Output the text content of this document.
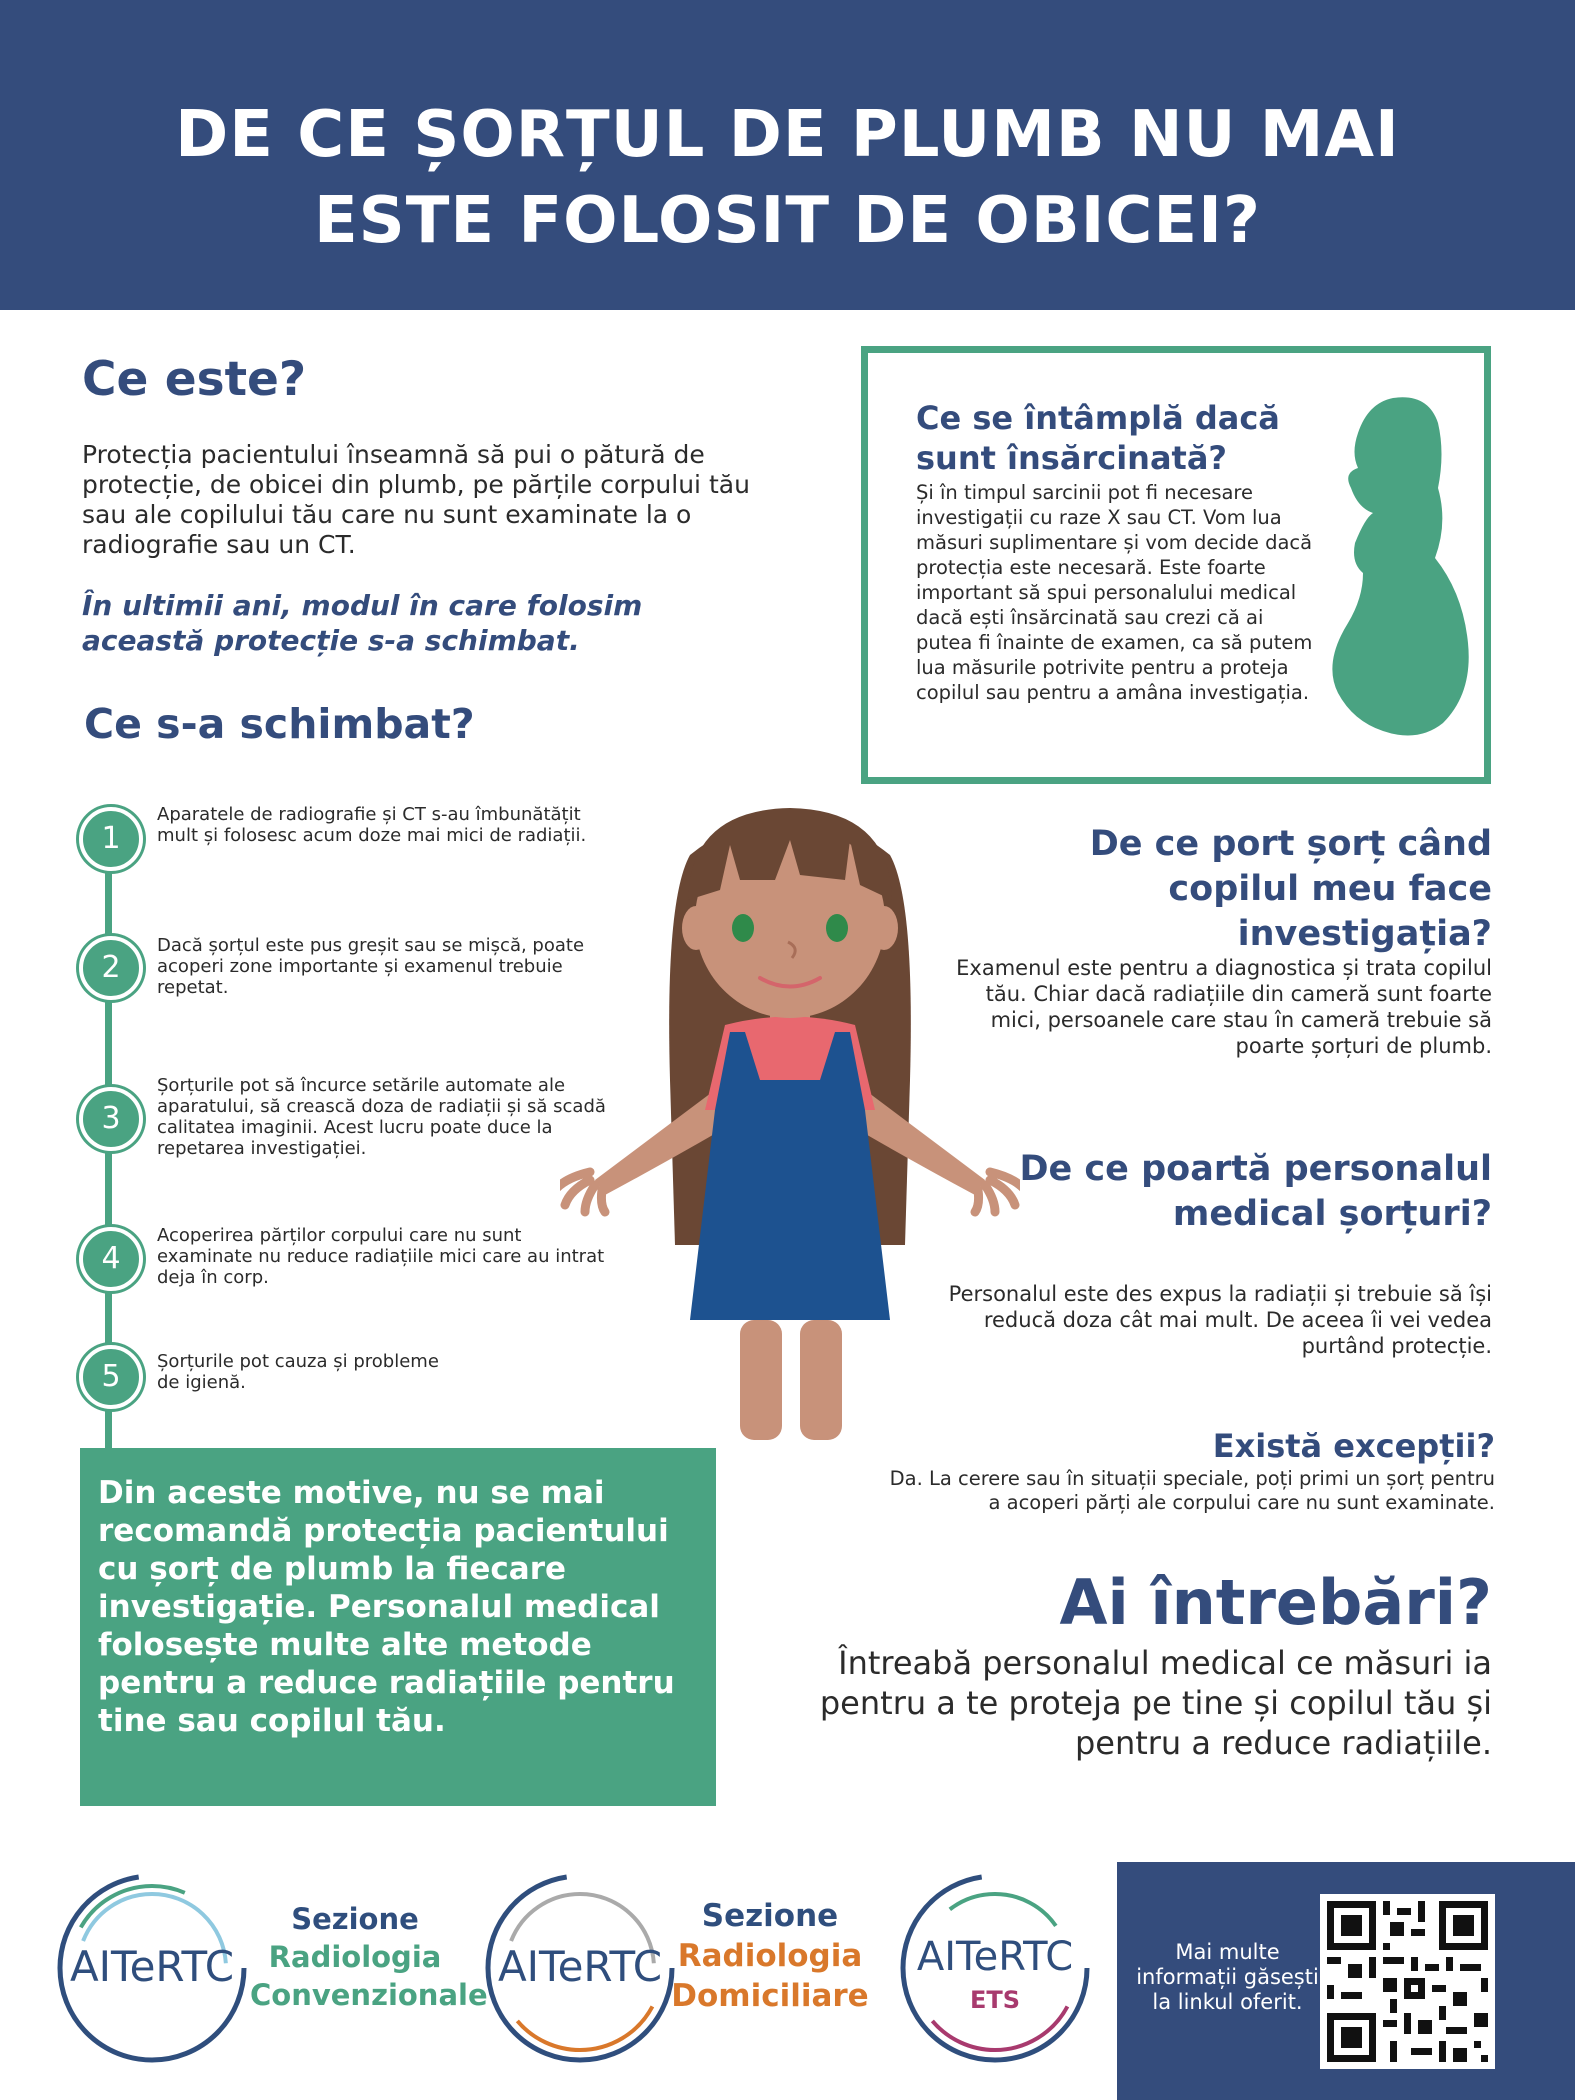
DE CE ȘORȚUL DE PLUMB NU MAI
ESTE FOLOSIT DE OBICEI?
Ce este?

Protecția pacientului înseamnă să pui o pătură de protecție, de obicei din plumb, pe părțile corpului tău sau ale copilului tău care nu sunt examinate la o radiografie sau un CT.

În ultimii ani, modul în care folosim această protecție s-a schimbat.

Ce s-a schimbat?
1

Aparatele de radiografie și CT s-au îmbunătățit mult și folosesc acum doze mai mici de radiații.

2

Dacă șorțul este pus greșit sau se mișcă, poate acoperi zone importante și examenul trebuie repetat.

3

Șorțurile pot să încurce setările automate ale aparatului, să crească doza de radiații și să scadă calitatea imaginii. Acest lucru poate duce la repetarea investigației.

4

Acoperirea părților corpului care nu sunt examinate nu reduce radiațiile mici care au intrat deja în corp.

5	Șorțurile pot cauza și probleme de igienă.

Din aceste motive, nu se mai recomandă protecția pacientului cu șorț de plumb la fiecare investigație. Personalul medical folosește multe alte metode pentru a reduce radiațiile pentru tine sau copilul tău.

Ce se întâmplă dacă sunt însărcinată?

Și în timpul sarcinii pot fi necesare investigații cu raze X sau CT. Vom lua măsuri suplimentare și vom decide dacă protecția este necesară. Este foarte important să spui personalului medical dacă ești însărcinată sau crezi că ai putea fi înainte de examen, ca să putem lua măsurile potrivite pentru a proteja copilul sau pentru a amâna investigația.

De ce port șorț când copilul meu face investigația?

Examenul este pentru a diagnostica și trata copilul tău. Chiar dacă radiațiile din cameră sunt foarte mici, persoanele care stau în cameră trebuie să poarte șorțuri de plumb.

De ce poartă personalul medical șorțuri?

Personalul este des expus la radiații și trebuie să își reducă doza cât mai mult. De aceea îi vei vedea purtând protecție.

Există excepții?

Da. La cerere sau în situații speciale, poți primi un șorț pentru a acoperi părți ale corpului care nu sunt examinate.

Ai întrebări?

Întreabă personalul medical ce măsuri ia pentru a te proteja pe tine și copilul tău și pentru a reduce radiațiile.

AITeRTC

Sezione

Radiologia

Convenzionale

AITeRTC

Sezione

Radiologia

Domiciliare

AITeRTC
ETS

Mai multe informații găsești la linkul oferit.
